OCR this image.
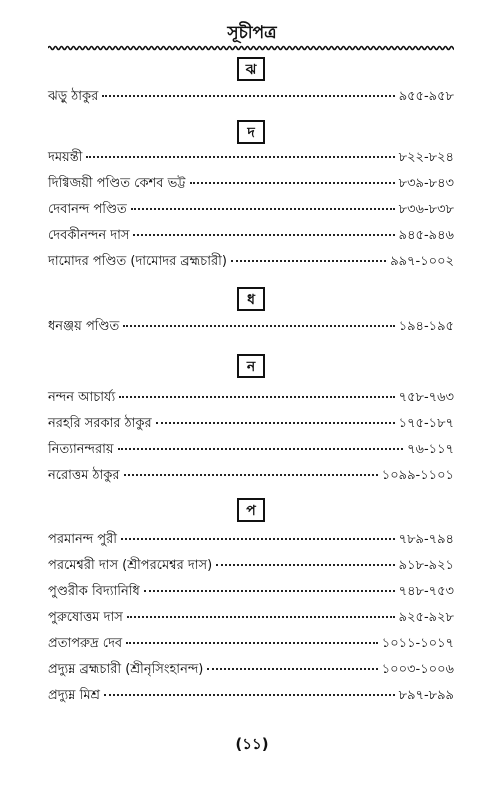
সূচীপত্র
ঝ
ঝড়ু ঠাকুর	৯৫৫-৯৫৮
দ
দময়ন্তী	৮২২-৮২৪
দিগ্বিজয়ী পণ্ডিত কেশব ভট্ট	৮৩৯-৮৪৩
দেবানন্দ পণ্ডিত	৮৩৬-৮৩৮
দেবকীনন্দন দাস	৯৪৫-৯৪৬
দামোদর পণ্ডিত (দামোদর ব্রহ্মচারী)	৯৯৭-১০০২
ধ
ধনঞ্জয় পণ্ডিত	১৯৪-১৯৫
ন
নন্দন আচার্য্য	৭৫৮-৭৬৩
নরহরি সরকার ঠাকুর	১৭৫-১৮৭
নিত্যানন্দরায়	৭৬-১১৭
নরোত্তম ঠাকুর	১০৯৯-১১০১
প
পরমানন্দ পুরী	৭৮৯-৭৯৪
পরমেশ্বরী দাস (শ্রীপরমেশ্বর দাস)	৯১৮-৯২১
পুণ্ডরীক বিদ্যানিধি	৭৪৮-৭৫৩
পুরুষোত্তম দাস	৯২৫-৯২৮
প্রতাপরুদ্র দেব	১০১১-১০১৭
প্রদ্যুম্ন ব্রহ্মচারী (শ্রীনৃসিংহানন্দ)	১০০৩-১০০৬
প্রদ্যুম্ন মিশ্র	৮৯৭-৮৯৯
(১১)
